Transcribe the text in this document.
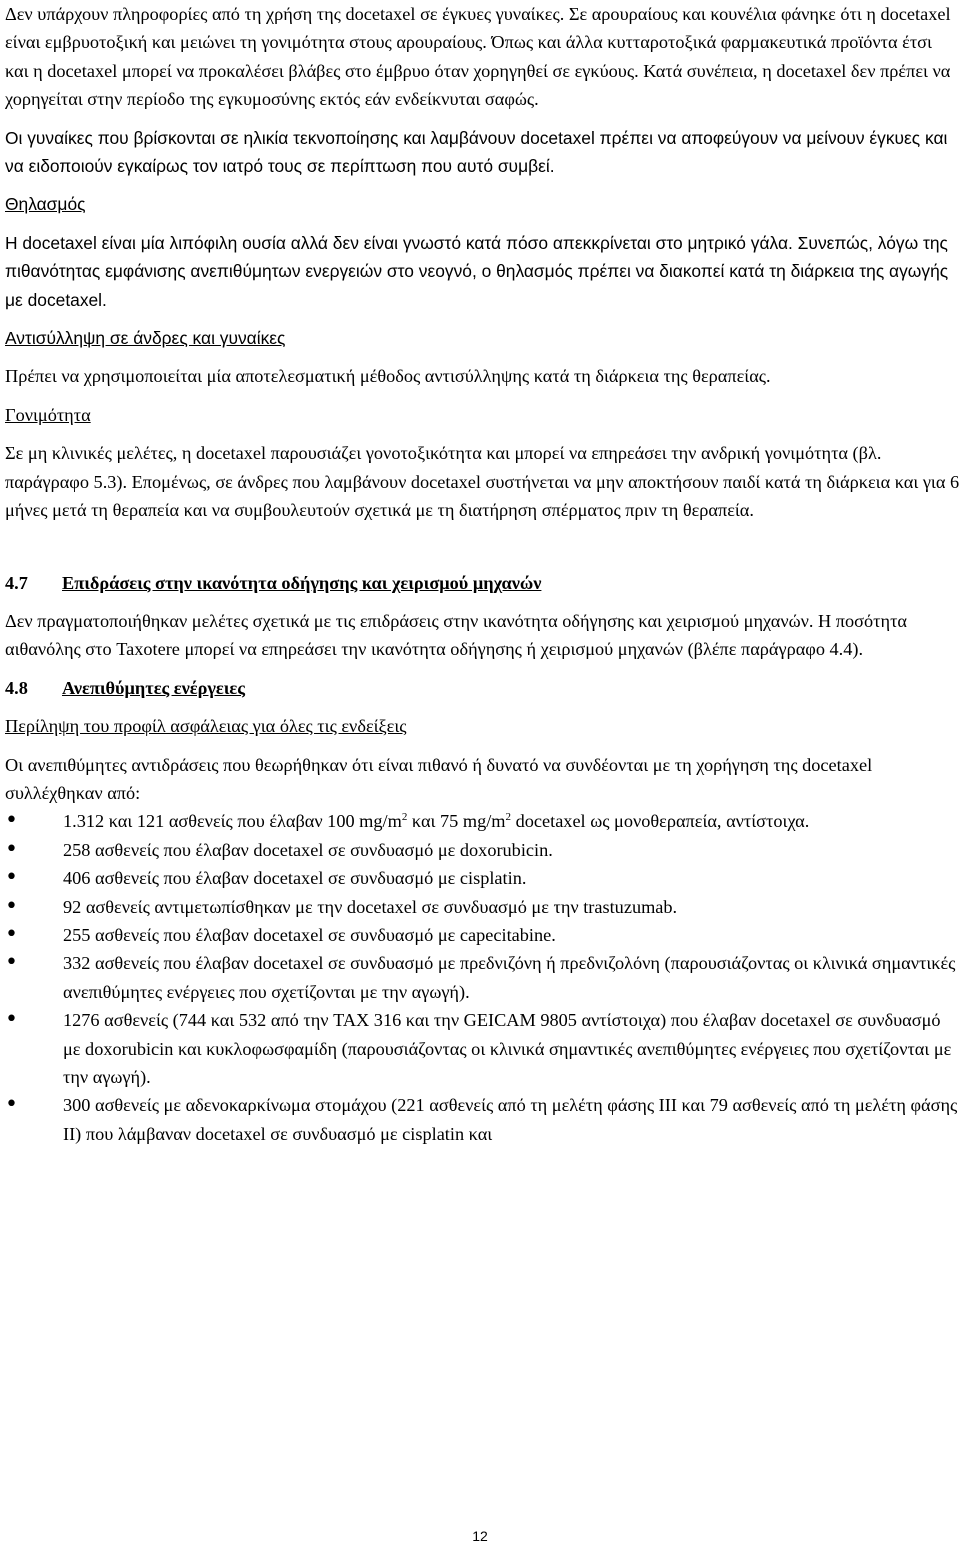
Δεν υπάρχουν πληροφορίες από τη χρήση της docetaxel σε έγκυες γυναίκες. Σε αρουραίους και κουνέλια φάνηκε ότι η docetaxel είναι εμβρυοτοξική και μειώνει τη γονιμότητα στους αρουραίους. Όπως και άλλα κυτταροτοξικά φαρμακευτικά προϊόντα έτσι και η docetaxel μπορεί να προκαλέσει βλάβες στο έμβρυο όταν χορηγηθεί σε εγκύους. Κατά συνέπεια, η docetaxel δεν πρέπει να χορηγείται στην περίοδο της εγκυμοσύνης εκτός εάν ενδείκνυται σαφώς.

Οι γυναίκες που βρίσκονται σε ηλικία τεκνοποίησης και λαμβάνουν docetaxel πρέπει να αποφεύγουν να μείνουν έγκυες και να ειδοποιούν εγκαίρως τον ιατρό τους σε περίπτωση που αυτό συμβεί.

Θηλασμός

Η docetaxel είναι μία λιπόφιλη ουσία αλλά δεν είναι γνωστό κατά πόσο απεκκρίνεται στο μητρικό γάλα. Συνεπώς, λόγω της πιθανότητας εμφάνισης ανεπιθύμητων ενεργειών στο νεογνό, ο θηλασμός πρέπει να διακοπεί κατά τη διάρκεια της αγωγής με docetaxel.

Αντισύλληψη σε άνδρες και γυναίκες

Πρέπει να χρησιμοποιείται μία αποτελεσματική μέθοδος αντισύλληψης κατά τη διάρκεια της θεραπείας.

Γονιμότητα

Σε μη κλινικές μελέτες, η docetaxel παρουσιάζει γονοτοξικότητα και μπορεί να επηρεάσει την ανδρική γονιμότητα (βλ. παράγραφο 5.3). Επομένως, σε άνδρες που λαμβάνουν docetaxel συστήνεται να μην αποκτήσουν παιδί κατά τη διάρκεια και για 6 μήνες μετά τη θεραπεία και να συμβουλευτούν σχετικά με τη διατήρηση σπέρματος πριν τη θεραπεία.

4.7 Επιδράσεις στην ικανότητα οδήγησης και χειρισμού μηχανών

Δεν πραγματοποιήθηκαν μελέτες σχετικά με τις επιδράσεις στην ικανότητα οδήγησης και χειρισμού μηχανών. Η ποσότητα αιθανόλης στο Taxotere μπορεί να επηρεάσει την ικανότητα οδήγησης ή χειρισμού μηχανών (βλέπε παράγραφο 4.4).

4.8 Ανεπιθύμητες ενέργειες

Περίληψη του προφίλ ασφάλειας για όλες τις ενδείξεις

Οι ανεπιθύμητες αντιδράσεις που θεωρήθηκαν ότι είναι πιθανό ή δυνατό να συνδέονται με τη χορήγηση της docetaxel συλλέχθηκαν από:

• 1.312 και 121 ασθενείς που έλαβαν 100 $mg/m^2$ και 75 $mg/m^2$ docetaxel ως μονοθεραπεία, αντίστοιχα.
• 258 ασθενείς που έλαβαν docetaxel σε συνδυασμό με doxorubicin.
• 406 ασθενείς που έλαβαν docetaxel σε συνδυασμό με cisplatin.
• 92 ασθενείς αντιμετωπίσθηκαν με την docetaxel σε συνδυασμό με την trastuzumab.
• 255 ασθενείς που έλαβαν docetaxel σε συνδυασμό με capecitabine.
• 332 ασθενείς που έλαβαν docetaxel σε συνδυασμό με πρεδνιζόνη ή πρεδνιζολόνη (παρουσιάζοντας οι κλινικά σημαντικές ανεπιθύμητες ενέργειες που σχετίζονται με την αγωγή).
• 1276 ασθενείς (744 και 532 από την TAX 316 και την GEICAM 9805 αντίστοιχα) που έλαβαν docetaxel σε συνδυασμό με doxorubicin και κυκλοφωσφαμίδη (παρουσιάζοντας οι κλινικά σημαντικές ανεπιθύμητες ενέργειες που σχετίζονται με την αγωγή).
• 300 ασθενείς με αδενοκαρκίνωμα στομάχου (221 ασθενείς από τη μελέτη φάσης ΙΙΙ και 79 ασθενείς από τη μελέτη φάσης ΙΙ) που λάμβαναν docetaxel σε συνδυασμό με cisplatin και
12
